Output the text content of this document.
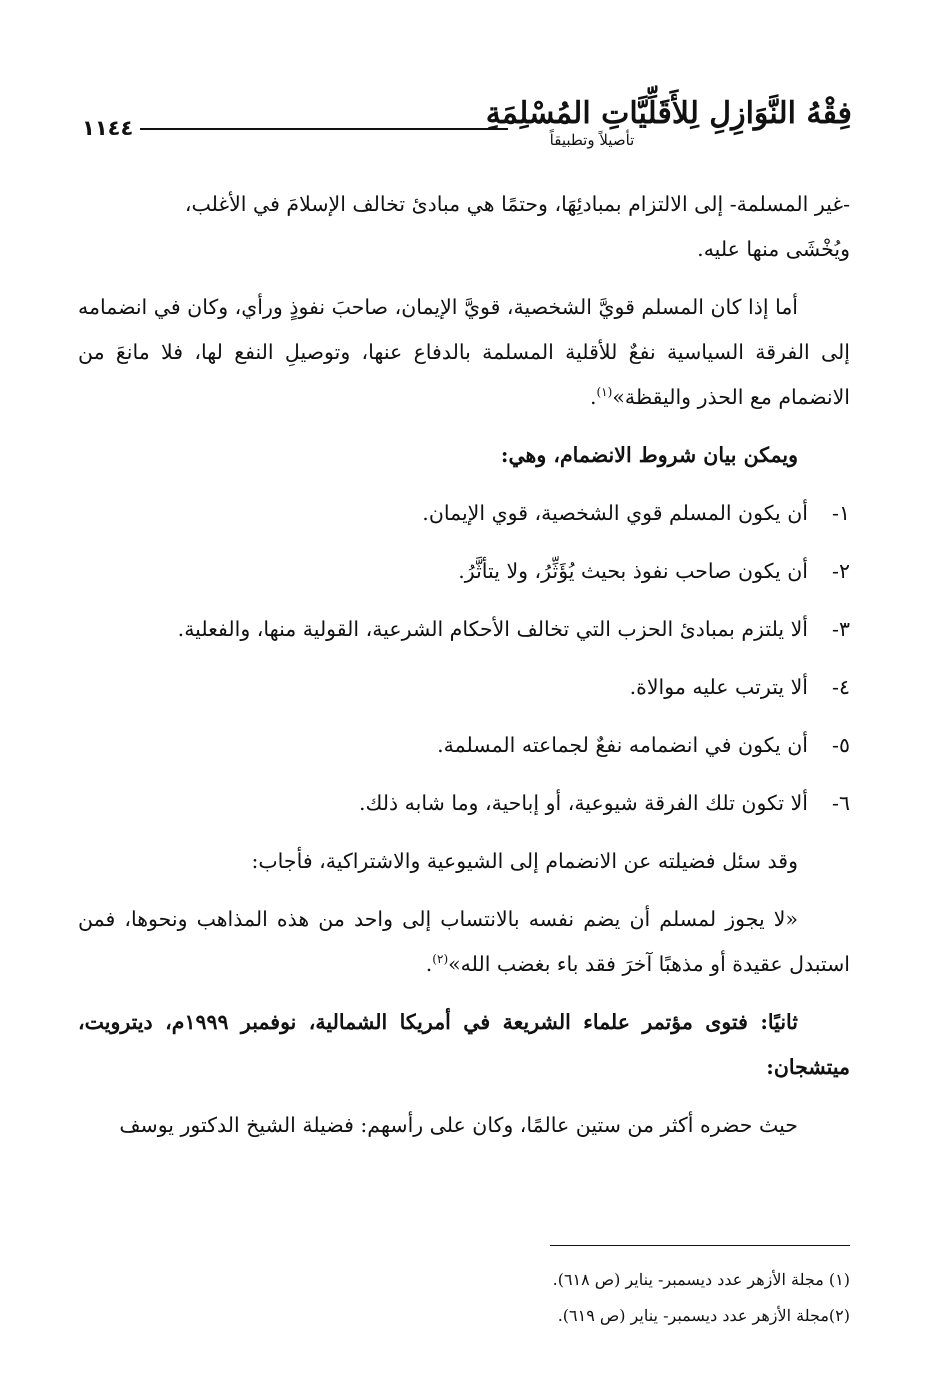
١١٤٤	فِقْهُ النَّوَازِلِ لِلأَقَلِّيَّاتِ المُسْلِمَةِ
تأصيلاً وتطبيقاً

-غير المسلمة- إلى الالتزام بمبادئِهَا، وحتمًا هي مبادئ تخالف الإسلامَ في الأغلب،
ويُخْشَى منها عليه.

أما إذا كان المسلم قويَّ الشخصية، قويَّ الإيمان، صاحبَ نفوذٍ ورأي، وكان في انضمامه إلى الفرقة السياسية نفعٌ للأقلية المسلمة بالدفاع عنها، وتوصيلِ النفع لها، فلا مانعَ من الانضمام مع الحذر واليقظة»$^{(١)}$.

ويمكن بيان شروط الانضمام، وهي:

١-
أن يكون المسلم قوي الشخصية، قوي الإيمان.
٢-
أن يكون صاحب نفوذ بحيث يُؤَثِّرُ، ولا يتأثَّرُ.
٣-
ألا يلتزم بمبادئ الحزب التي تخالف الأحكام الشرعية، القولية منها، والفعلية.
٤-
ألا يترتب عليه موالاة.
٥-
أن يكون في انضمامه نفعٌ لجماعته المسلمة.
٦-
ألا تكون تلك الفرقة شيوعية، أو إباحية، وما شابه ذلك.

وقد سئل فضيلته عن الانضمام إلى الشيوعية والاشتراكية، فأجاب:

«لا يجوز لمسلم أن يضم نفسه بالانتساب إلى واحد من هذه المذاهب ونحوها، فمن استبدل عقيدة أو مذهبًا آخرَ فقد باء بغضب الله»$^{(٢)}$.

ثانيًا: فتوى مؤتمر علماء الشريعة في أمريكا الشمالية، نوفمبر ١٩٩٩م، ديترويت، ميتشجان:

حيث حضره أكثر من ستين عالمًا، وكان على رأسهم: فضيلة الشيخ الدكتور يوسف

(١) مجلة الأزهر عدد ديسمبر- يناير (ص ٦١٨).

(٢)مجلة الأزهر عدد ديسمبر- يناير (ص ٦١٩).
